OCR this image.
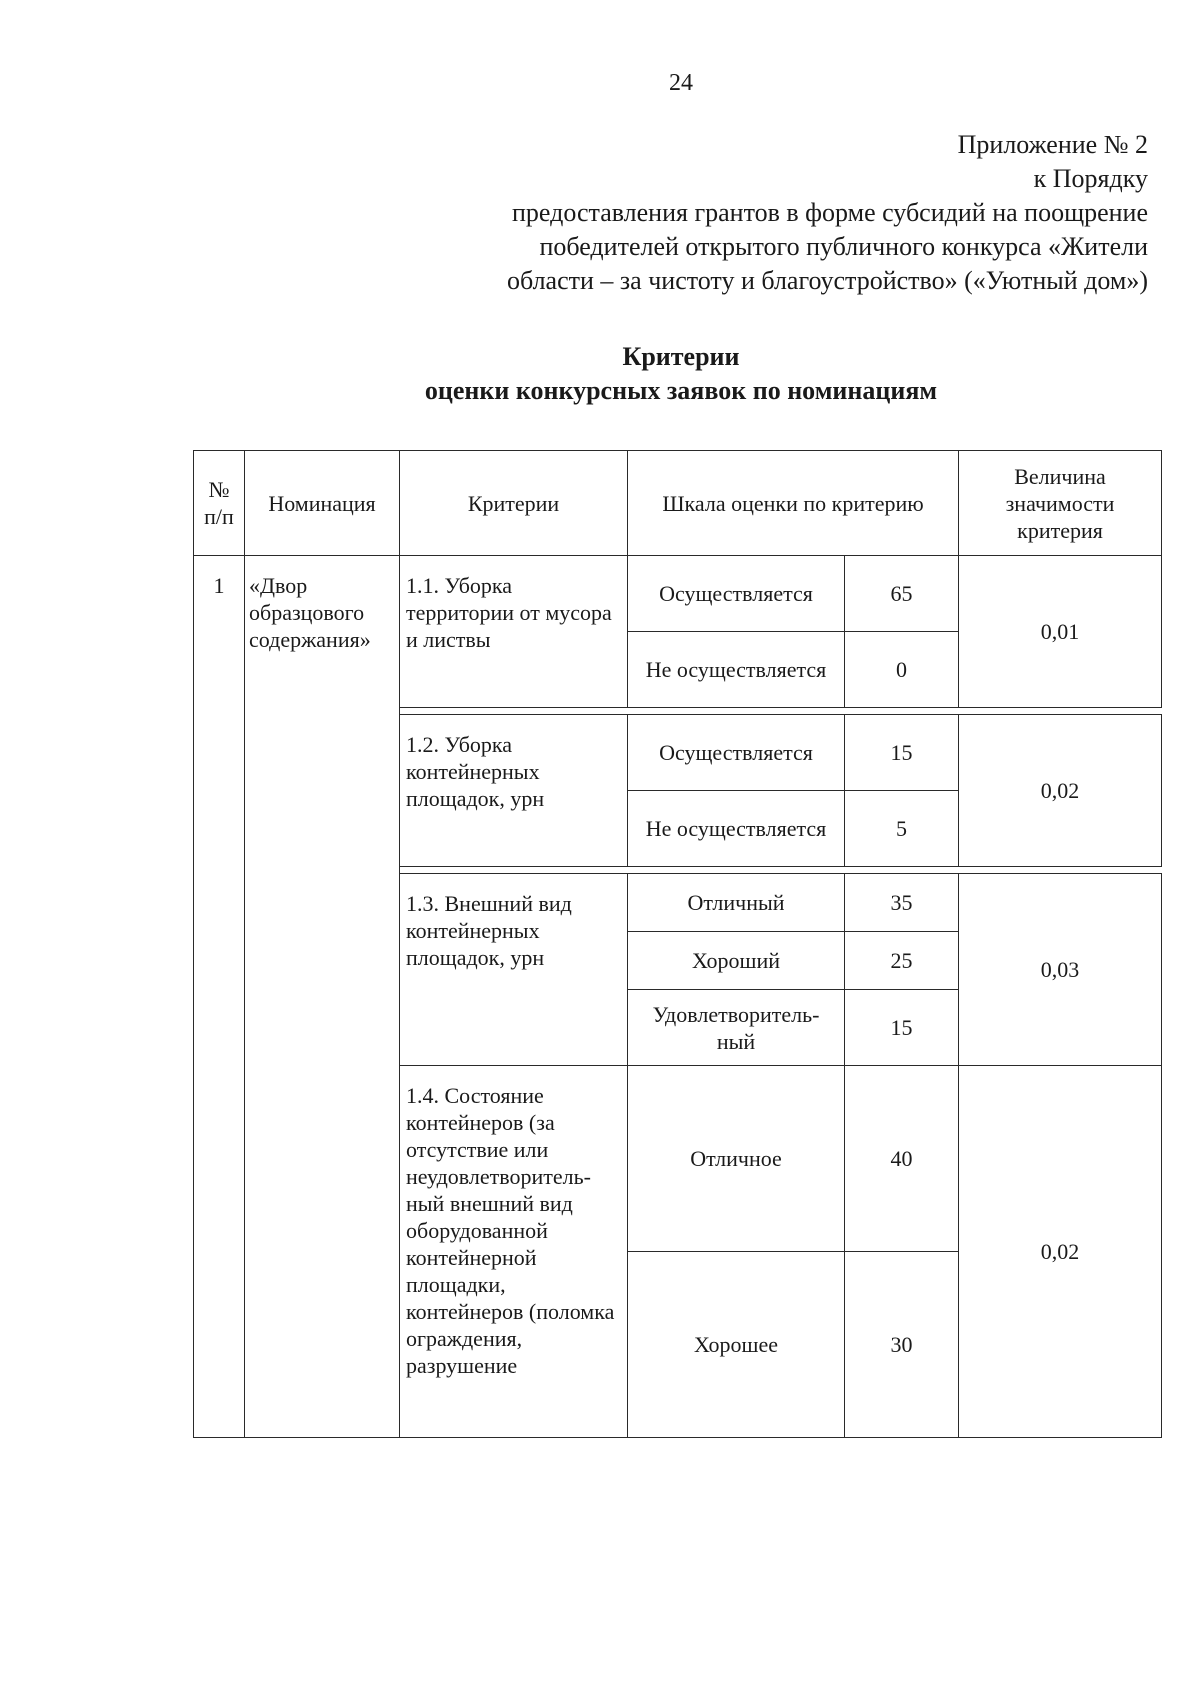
24
Приложение № 2
к Порядку
предоставления грантов в форме субсидий на поощрение
победителей открытого публичного конкурса «Жители
области – за чистоту и благоустройство» («Уютный дом»)
Критерии
оценки конкурсных заявок по номинациям
№ п/п	Номинация	Критерии	Шкала оценки по критерию		Величина значимости критерия
1	«Двор образцового содержания»	1.1. Уборка территории от мусора и листвы	Осуществляется	65	0,01
			Не осуществляется	0	

		1.2. Уборка контейнерных площадок, урн	Осуществляется	15	0,02
			Не осуществляется	5	

		1.3. Внешний вид контейнерных площадок, урн	Отличный	35	0,03
			Хороший	25	
			Удовлетворитель-ный	15	
		1.4. Состояние контейнеров (за отсутствие или неудовлетворитель-ный внешний вид оборудованной контейнерной площадки, контейнеров (поломка ограждения, разрушение	Отличное	40	0,02
			Хорошее	30	
